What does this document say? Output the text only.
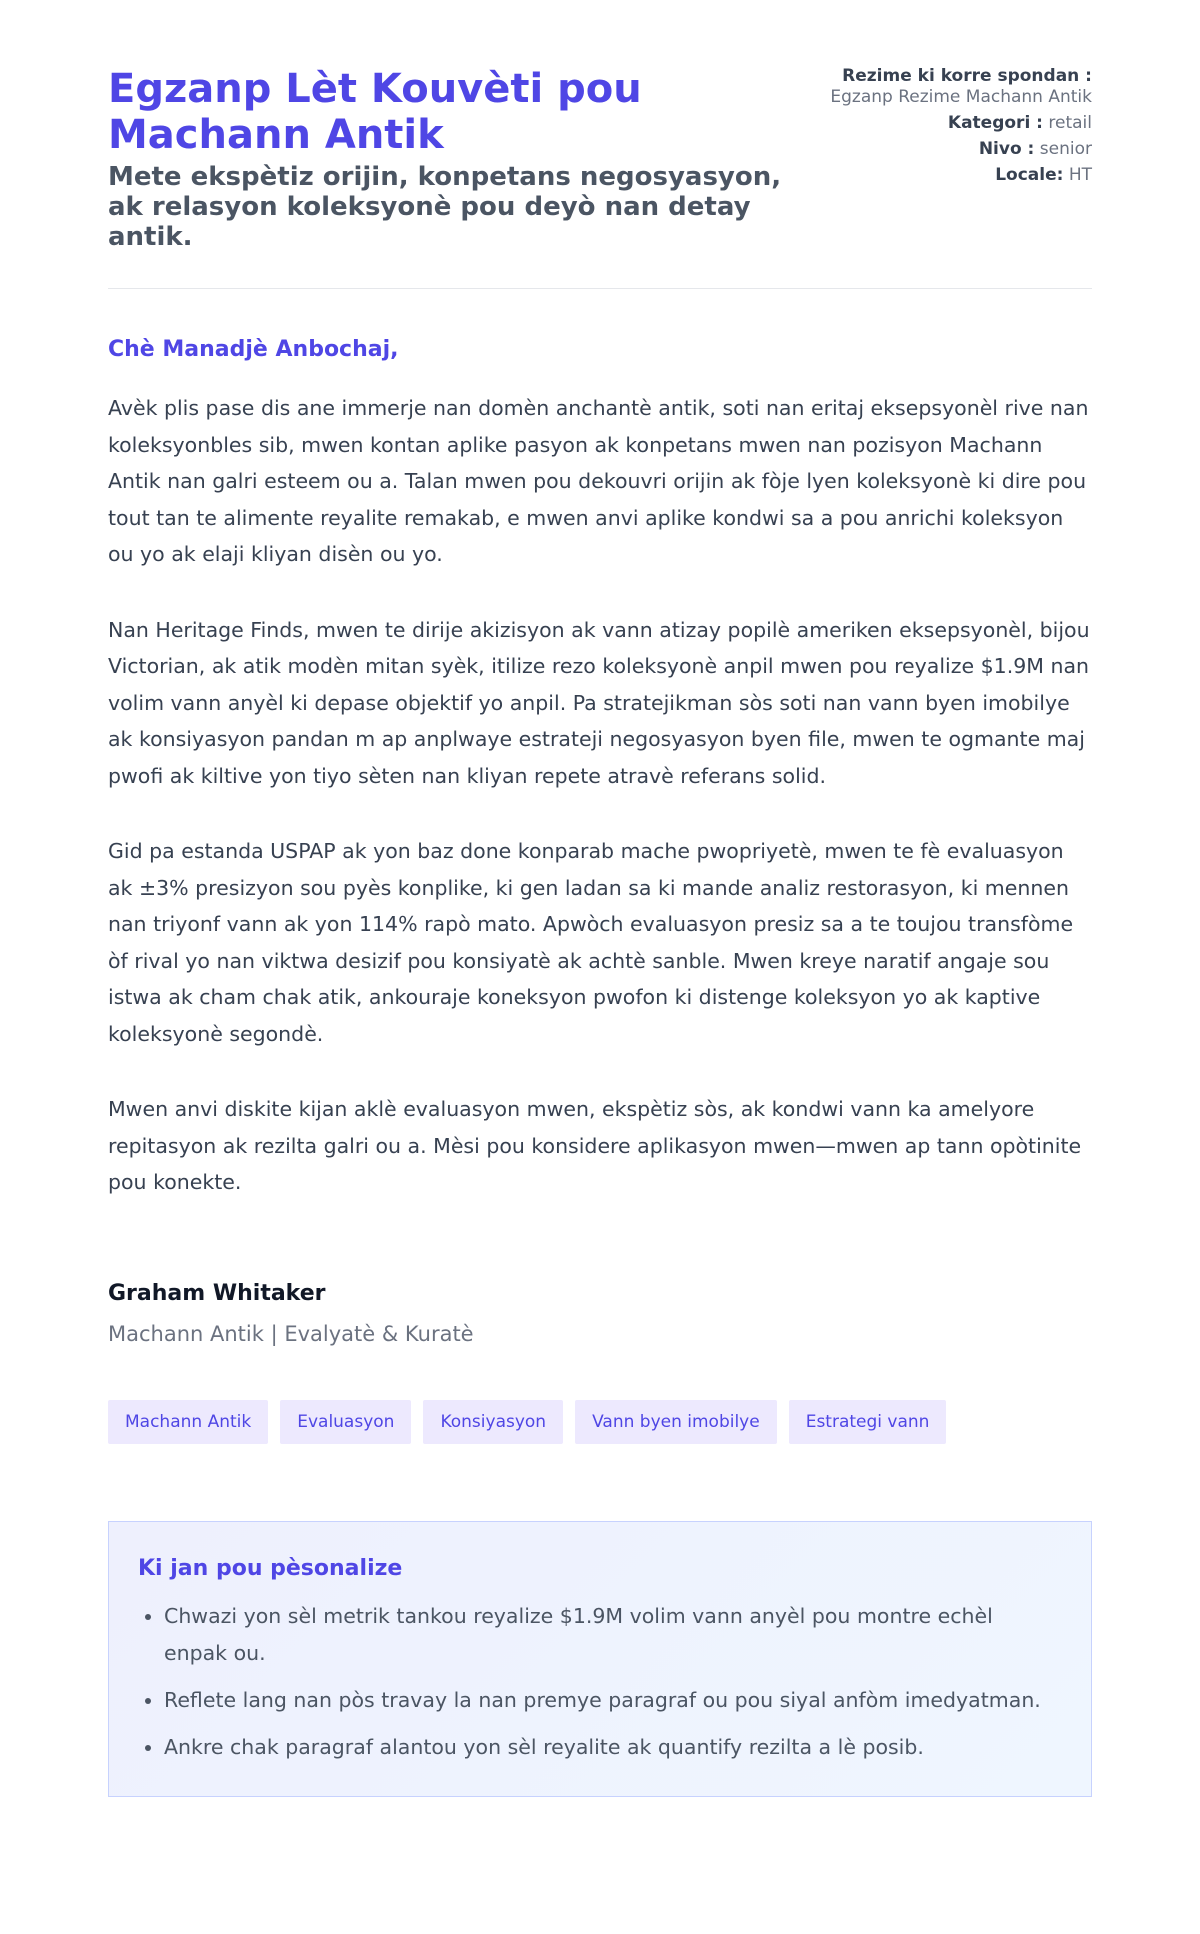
Egzanp Lèt Kouvèti pou Machann Antik
Mete ekspètiz orijin, konpetans negosyasyon, ak relasyon koleksyonè pou deyò nan detay antik.
Rezime ki korre spondan :
Egzanp Rezime Machann Antik
Kategori : retail
Nivo : senior
Locale: HT
Chè Manadjè Anbochaj,

Avèk plis pase dis ane immerje nan domèn anchantè antik, soti nan eritaj eksepsyonèl rive nan koleksyonbles sib, mwen kontan aplike pasyon ak konpetans mwen nan pozisyon Machann Antik nan galri esteem ou a. Talan mwen pou dekouvri orijin ak fòje lyen koleksyonè ki dire pou tout tan te alimente reyalite remakab, e mwen anvi aplike kondwi sa a pou anrichi koleksyon ou yo ak elaji kliyan disèn ou yo.

Nan Heritage Finds, mwen te dirije akizisyon ak vann atizay popilè ameriken eksepsyonèl, bijou Victorian, ak atik modèn mitan syèk, itilize rezo koleksyonè anpil mwen pou reyalize $1.9M nan volim vann anyèl ki depase objektif yo anpil. Pa stratejikman sòs soti nan vann byen imobilye ak konsiyasyon pandan m ap anplwaye estrateji negosyasyon byen file, mwen te ogmante maj pwofi ak kiltive yon tiyo sèten nan kliyan repete atravè referans solid.

Gid pa estanda USPAP ak yon baz done konparab mache pwopriyetè, mwen te fè evaluasyon ak ±3% presizyon sou pyès konplike, ki gen ladan sa ki mande analiz restorasyon, ki mennen nan triyonf vann ak yon 114% rapò mato. Apwòch evaluasyon presiz sa a te toujou transfòme òf rival yo nan viktwa desizif pou konsiyatè ak achtè sanble. Mwen kreye naratif angaje sou istwa ak cham chak atik, ankouraje koneksyon pwofon ki distenge koleksyon yo ak kaptive koleksyonè segondè.

Mwen anvi diskite kijan aklè evaluasyon mwen, ekspètiz sòs, ak kondwi vann ka amelyore repitasyon ak rezilta galri ou a. Mèsi pou konsidere aplikasyon mwen—mwen ap tann opòtinite pou konekte.

Graham Whitaker
Machann Antik | Evalyatè & Kuratè
Machann Antik	Evaluasyon	Konsiyasyon	Vann byen imobilye	Estrategi vann
Ki jan pou pèsonalize
• Chwazi yon sèl metrik tankou reyalize $1.9M volim vann anyèl pou montre echèl enpak ou.
• Reflete lang nan pòs travay la nan premye paragraf ou pou siyal anfòm imedyatman.
• Ankre chak paragraf alantou yon sèl reyalite ak quantify rezilta a lè posib.
